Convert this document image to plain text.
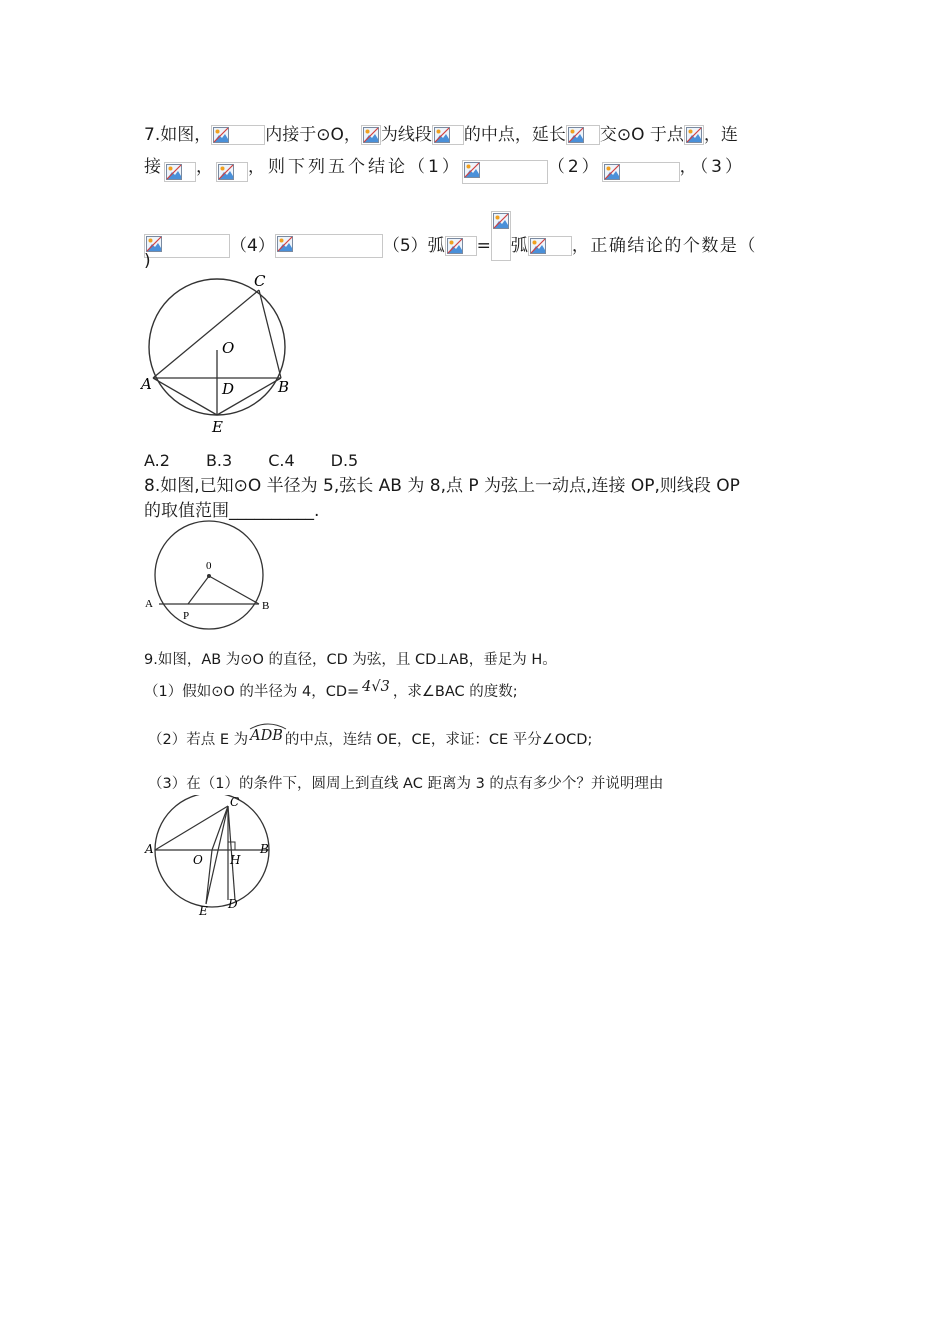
7.如图，	内接于⊙O， 为线段 的中点，延长 交⊙O 于点 ，连
接 ， ，则下列五个结论（1）	（2）	，（3）
（4）	（5）弧 = 弧	，正确结论的个数是（
)
C
O
A	D	B
E
A.2 B.3 C.4 D.5
8.如图,已知⊙O 半径为 5,弦长 AB 为 8,点 P 为弦上一动点,连接 OP,则线段 OP
的取值范围__________.
0
A
P
B
9.如图，AB 为⊙O 的直径，CD 为弦，且 CD⊥AB，垂足为 H。
（1）假如⊙O 的半径为 4，CD= 4√3 ，求∠BAC 的度数;
（2）若点 E 为 ADB 的中点，连结 OE，CE，求证：CE 平分∠OCD;
（3）在（1）的条件下，圆周上到直线 AC 距离为 3 的点有多少个？并说明理由
C
A
O H
B
E D
